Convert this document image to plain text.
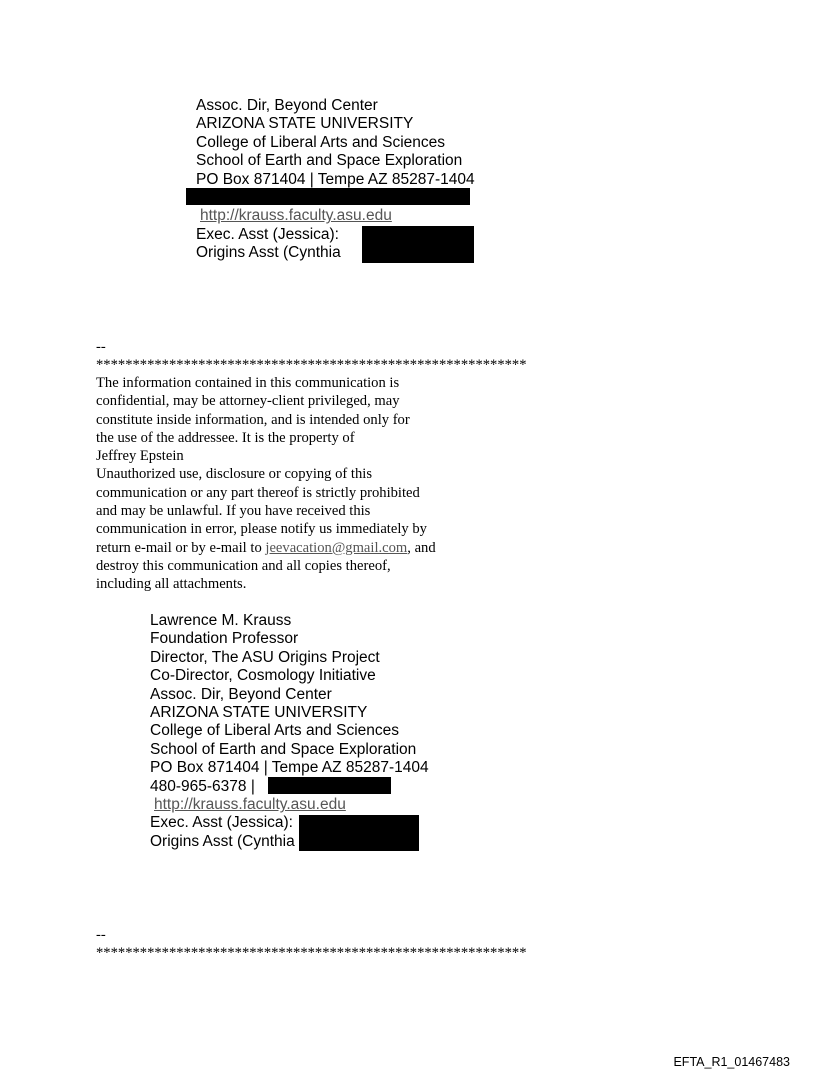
Assoc. Dir, Beyond Center
ARIZONA STATE UNIVERSITY
College of Liberal Arts and Sciences
School of Earth and Space Exploration
PO Box 871404 | Tempe AZ 85287-1404

http://krauss.faculty.asu.edu
Exec. Asst (Jessica):
Origins Asst (Cynthia
--
***********************************************************
The information contained in this communication is
confidential, may be attorney-client privileged, may
constitute inside information, and is intended only for
the use of the addressee. It is the property of
Jeffrey Epstein
Unauthorized use, disclosure or copying of this
communication or any part thereof is strictly prohibited
and may be unlawful. If you have received this
communication in error, please notify us immediately by
return e-mail or by e-mail to jeevacation@gmail.com, and
destroy this communication and all copies thereof,
including all attachments.
Lawrence M. Krauss
Foundation Professor
Director, The ASU Origins Project
Co-Director, Cosmology Initiative
Assoc. Dir, Beyond Center
ARIZONA STATE UNIVERSITY
College of Liberal Arts and Sciences
School of Earth and Space Exploration
PO Box 871404 | Tempe AZ 85287-1404
480-965-6378 |
http://krauss.faculty.asu.edu
Exec. Asst (Jessica):
Origins Asst (Cynthia
--
***********************************************************
EFTA_R1_01467483
